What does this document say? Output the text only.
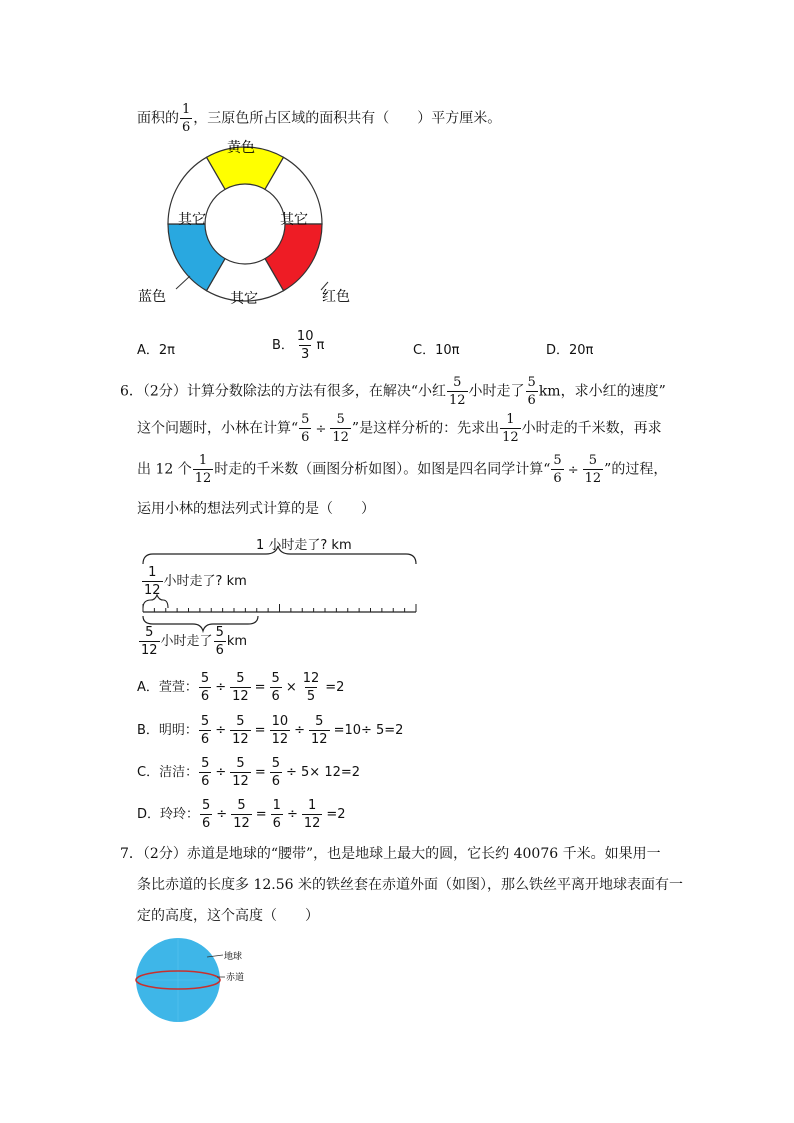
面积的 $\frac{1}{6}$ ，三原色所占区域的面积共有（　　）平方厘米。
黄色
其它	其它
其它
蓝色	红色
A．2π	B． $\frac{10}{3}$ π	C．10π	D．20π
6．（2分）计算分数除法的方法有很多，在解决“小红 $\frac{5}{12}$ 小时走了 $\frac{5}{6}$ km，求小红的速度”
这个问题时，小林在计算“ $\frac{5}{6} \div \frac{5}{12}$ ”是这样分析的：先求出 $\frac{1}{12}$ 小时走的千米数，再求
出 12 个 $\frac{1}{12}$ 时走的千米数（画图分析如图）。如图是四名同学计算“ $\frac{5}{6} \div \frac{5}{12}$ ”的过程，
运用小林的想法列式计算的是（　　）
1 小时走了? km
$\frac{1}{12}$ 小时走了? km
$\frac{5}{12}$ 小时走了 $\frac{5}{6}$ km
A．萱萱： $\frac{5}{6} \div \frac{5}{12} = \frac{5}{6} \times \frac{12}{5} =2$
B．明明： $\frac{5}{6} \div \frac{5}{12} = \frac{10}{12} \div \frac{5}{12} =10\div 5=2$
C．洁洁： $\frac{5}{6} \div \frac{5}{12} = \frac{5}{6} \div 5\times 12=2$
D．玲玲： $\frac{5}{6} \div \frac{5}{12} = \frac{1}{6} \div \frac{1}{12} =2$
7．（2分）赤道是地球的“腰带”，也是地球上最大的圆，它长约 40076 千米。如果用一
条比赤道的长度多 12.56 米的铁丝套在赤道外面（如图），那么铁丝平离开地球表面有一
定的高度，这个高度（　　）
地球
赤道
